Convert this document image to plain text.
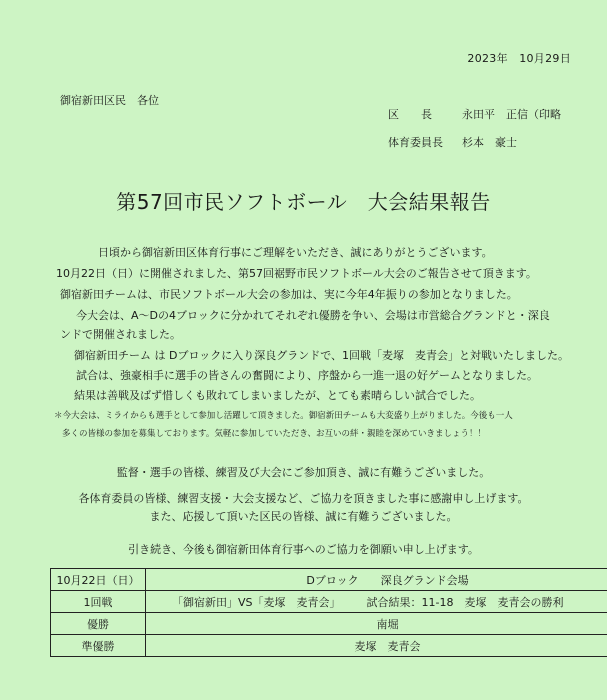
2023年　10月29日
御宿新田区民　各位
区　　長	永田平　正信（印略
体育委員長 杉本　豪士
第57回市民ソフトボール　大会結果報告
日頃から御宿新田区体育行事にご理解をいただき、誠にありがとうございます。
10月22日（日）に開催されました、第57回裾野市民ソフトボール大会のご報告させて頂きます。
御宿新田チームは、市民ソフトボール大会の参加は、実に今年4年振りの参加となりました。
今大会は、A～Dの4ブロックに分かれてそれぞれ優勝を争い、会場は市営総合グランドと・深良
ンドで開催されました。
御宿新田チーム は Dブロックに入り深良グランドで、1回戦「麦塚　麦青会」と対戦いたしました。
試合は、強豪相手に選手の皆さんの奮闘により、序盤から一進一退の好ゲームとなりました。
結果は善戦及ばず惜しくも敗れてしまいましたが、とても素晴らしい試合でした。
＊今大会は、ミライからも選手として参加し活躍して頂きました。御宿新田チームも大変盛り上がりました。今後も一人
多くの皆様の参加を募集しております。気軽に参加していただき、お互いの絆・親睦を深めていきましょう！！
監督・選手の皆様、練習及び大会にご参加頂き、誠に有難うございました。
各体育委員の皆様、練習支援・大会支援など、ご協力を頂きました事に感謝申し上げます。
また、応援して頂いた区民の皆様、誠に有難うございました。
引き続き、今後も御宿新田体育行事へのご協力を御願い申し上げます。
10月22日（日）	Dブロック　　深良グランド会場
1回戦	「御宿新田」VS「麦塚　麦青会」 試合結果：11-18　麦塚　麦青会の勝利
優勝	南堀
準優勝	麦塚　麦青会
